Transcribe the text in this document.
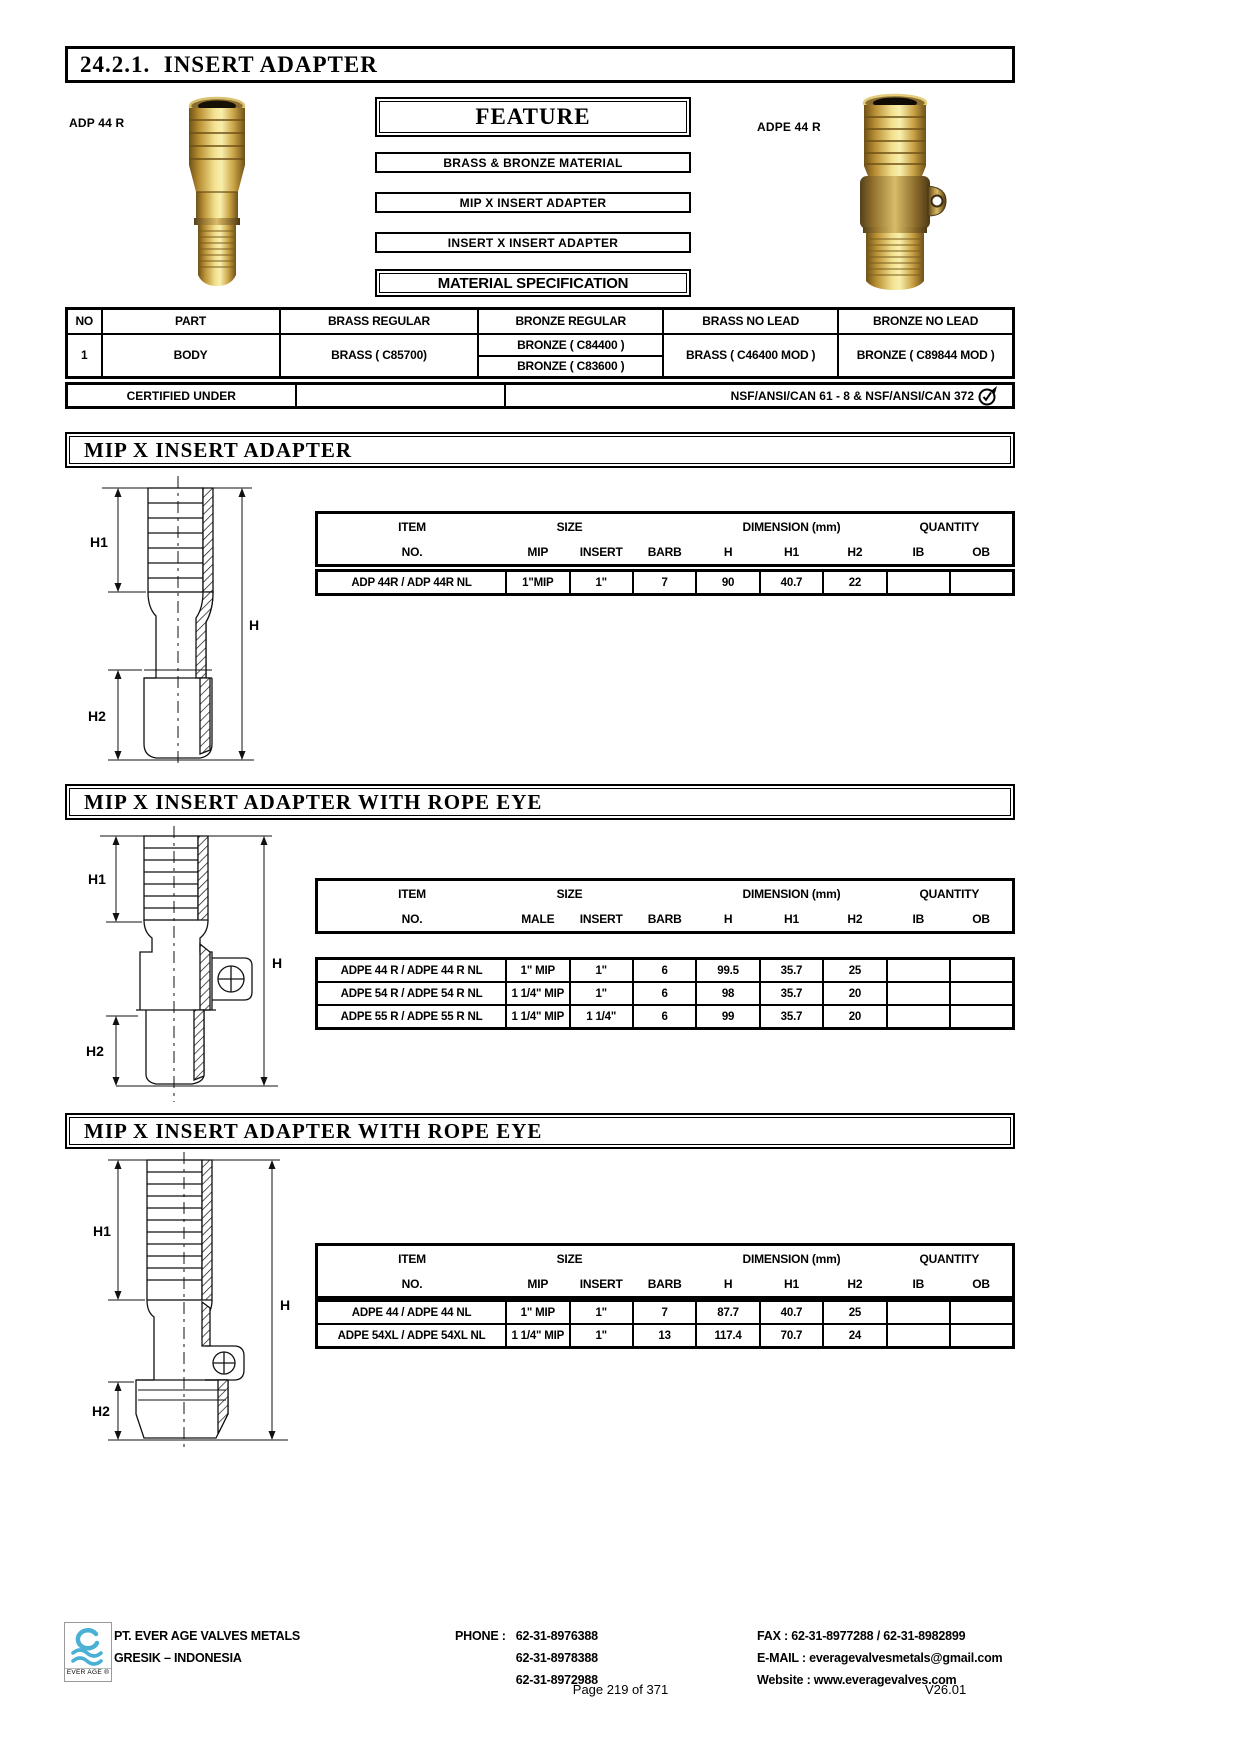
24.2.1.  INSERT ADAPTER
ADP 44 R	FEATURE
BRASS & BRONZE MATERIAL
MIP X INSERT ADAPTER
INSERT X INSERT ADAPTER
MATERIAL SPECIFICATION
ADPE 44 R
NO	PART	BRASS REGULAR	BRONZE REGULAR	BRASS NO LEAD	BRONZE NO LEAD
1	BODY	BRASS ( C85700)	BRONZE ( C84400 )	BRASS ( C46400 MOD )	BRONZE ( C89844 MOD )
			BRONZE ( C83600 )		
CERTIFIED UNDER	NSF/ANSI/CAN 61 - 8 & NSF/ANSI/CAN 372
MIP X INSERT ADAPTER
H1
H
H2
ITEM	SIZE			DIMENSION (mm)			QUANTITY	
NO.	MIP	INSERT	BARB	H	H1	H2	IB	OB
ADP 44R / ADP 44R NL	1"MIP	1"	7	90	40.7	22		
MIP X INSERT ADAPTER WITH ROPE EYE
H1
H
H2
ITEM	SIZE			DIMENSION (mm)			QUANTITY	
NO.	MALE	INSERT	BARB	H	H1	H2	IB	OB
ADPE 44 R / ADPE 44 R NL	1" MIP	1"	6	99.5	35.7	25		
ADPE 54 R / ADPE 54 R NL	1 1/4" MIP	1"	6	98	35.7	20		
ADPE 55 R / ADPE 55 R NL	1 1/4" MIP	1 1/4"	6	99	35.7	20		
MIP X INSERT ADAPTER WITH ROPE EYE
H1
H
H2
ITEM	SIZE			DIMENSION (mm)			QUANTITY	
NO.	MIP	INSERT	BARB	H	H1	H2	IB	OB
ADPE 44 / ADPE 44 NL	1" MIP	1"	7	87.7	40.7	25		
ADPE 54XL / ADPE 54XL NL	1 1/4" MIP	1"	13	117.4	70.7	24		
EVER AGE ®
PT. EVER AGE VALVES METALS
GRESIK – INDONESIA
PHONE : 62-31-8976388
62-31-8978388
62-31-8972988
FAX : 62-31-8977288 / 62-31-8982899
E-MAIL : everagevalvesmetals@gmail.com
Website : www.everagevalves.com
Page 219 of 371	V26.01
